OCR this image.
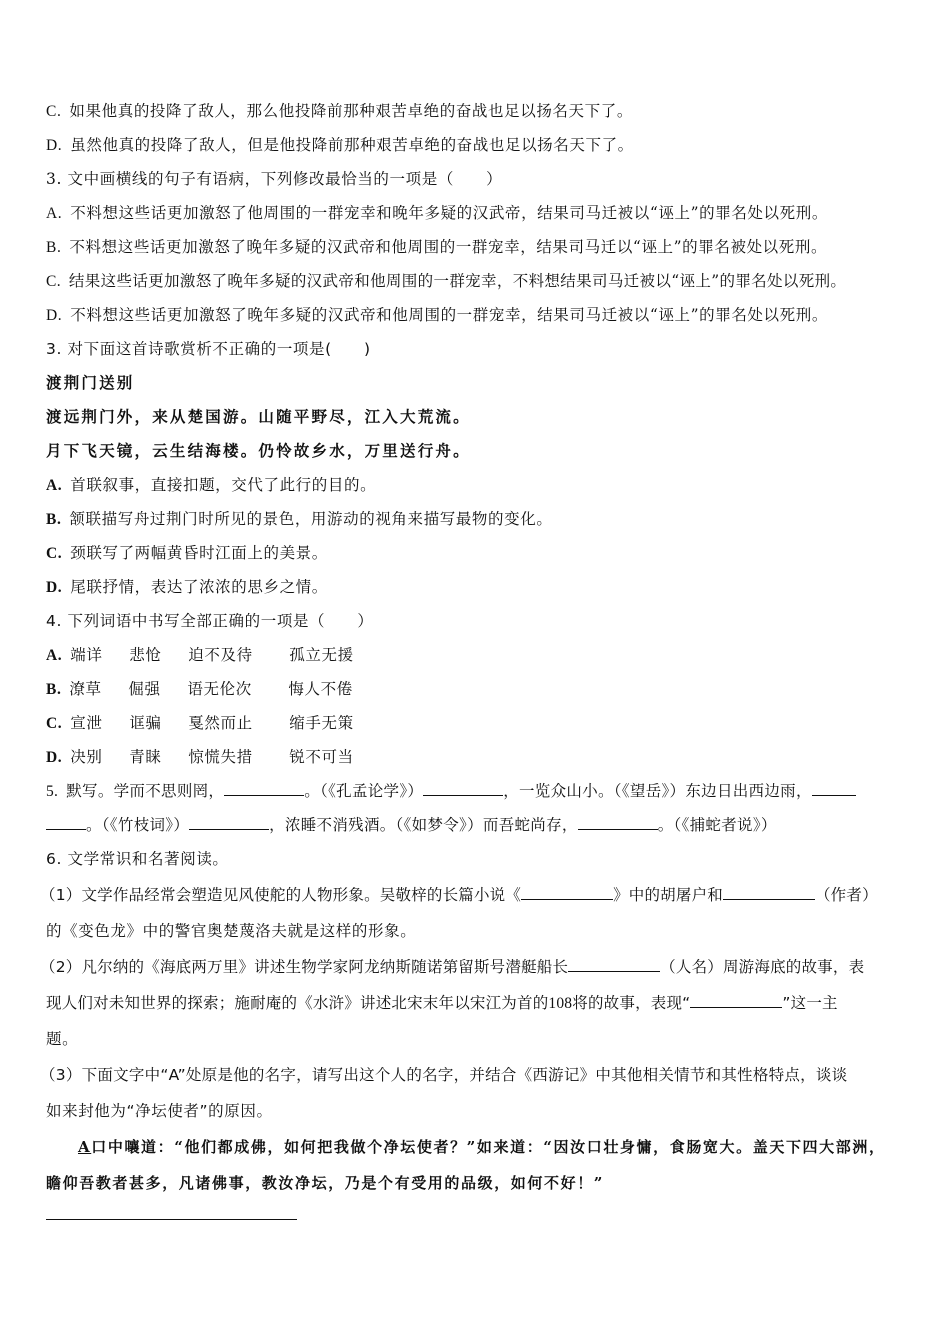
C. 如果他真的投降了敌人，那么他投降前那种艰苦卓绝的奋战也足以扬名天下了。
D. 虽然他真的投降了敌人，但是他投降前那种艰苦卓绝的奋战也足以扬名天下了。
3. 文中画横线的句子有语病，下列修改最恰当的一项是（　　）
A. 不料想这些话更加激怒了他周围的一群宠幸和晚年多疑的汉武帝，结果司马迁被以“诬上”的罪名处以死刑。
B. 不料想这些话更加激怒了晚年多疑的汉武帝和他周围的一群宠幸，结果司马迁以“诬上”的罪名被处以死刑。
C. 结果这些话更加激怒了晚年多疑的汉武帝和他周围的一群宠幸，不料想结果司马迁被以“诬上”的罪名处以死刑。
D. 不料想这些话更加激怒了晚年多疑的汉武帝和他周围的一群宠幸，结果司马迁被以“诬上”的罪名处以死刑。
3. 对下面这首诗歌赏析不正确的一项是(　　)
渡荆门送别
渡远荆门外，来从楚国游。山随平野尽，江入大荒流。
月下飞天镜，云生结海楼。仍怜故乡水，万里送行舟。
A. 首联叙事，直接扣题，交代了此行的目的。
B. 颔联描写舟过荆门时所见的景色，用游动的视角来描写最物的变化。
C. 颈联写了两幅黄昏时江面上的美景。
D. 尾联抒情，表达了浓浓的思乡之情。
4. 下列词语中书写全部正确的一项是（　　）
A. 端详 悲怆 迫不及待 孤立无援
B. 潦草 倔强 语无伦次 悔人不倦
C. 宣泄 诓骗 戛然而止 缩手无策
D. 决别 青睐 惊慌失措 锐不可当
5. 默写。学而不思则罔，	。（《孔孟论学》）	，一览众山小。（《望岳》）东边日出西边雨，
。（《竹枝词》）	，浓睡不消残酒。（《如梦令》）而吾蛇尚存，	。（《捕蛇者说》）
6. 文学常识和名著阅读。
（1）文学作品经常会塑造见风使舵的人物形象。吴敬梓的长篇小说《	》中的胡屠户和	（作者）
的《变色龙》中的警官奥楚蔑洛夫就是这样的形象。
（2）凡尔纳的《海底两万里》讲述生物学家阿龙纳斯随诺第留斯号潜艇船长	（人名）周游海底的故事，表
现人们对未知世界的探索；施耐庵的《水浒》讲述北宋末年以宋江为首的108将的故事，表现“	”这一主
题。
（3）下面文字中“A”处原是他的名字，请写出这个人的名字，并结合《西游记》中其他相关情节和其性格特点，谈谈
如来封他为“净坛使者”的原因。
A口中嚷道：“他们都成佛，如何把我做个净坛使者？”如来道：“因汝口壮身慵，食肠宽大。盖天下四大部洲，
瞻仰吾教者甚多，凡诸佛事，教汝净坛，乃是个有受用的品级，如何不好！”
